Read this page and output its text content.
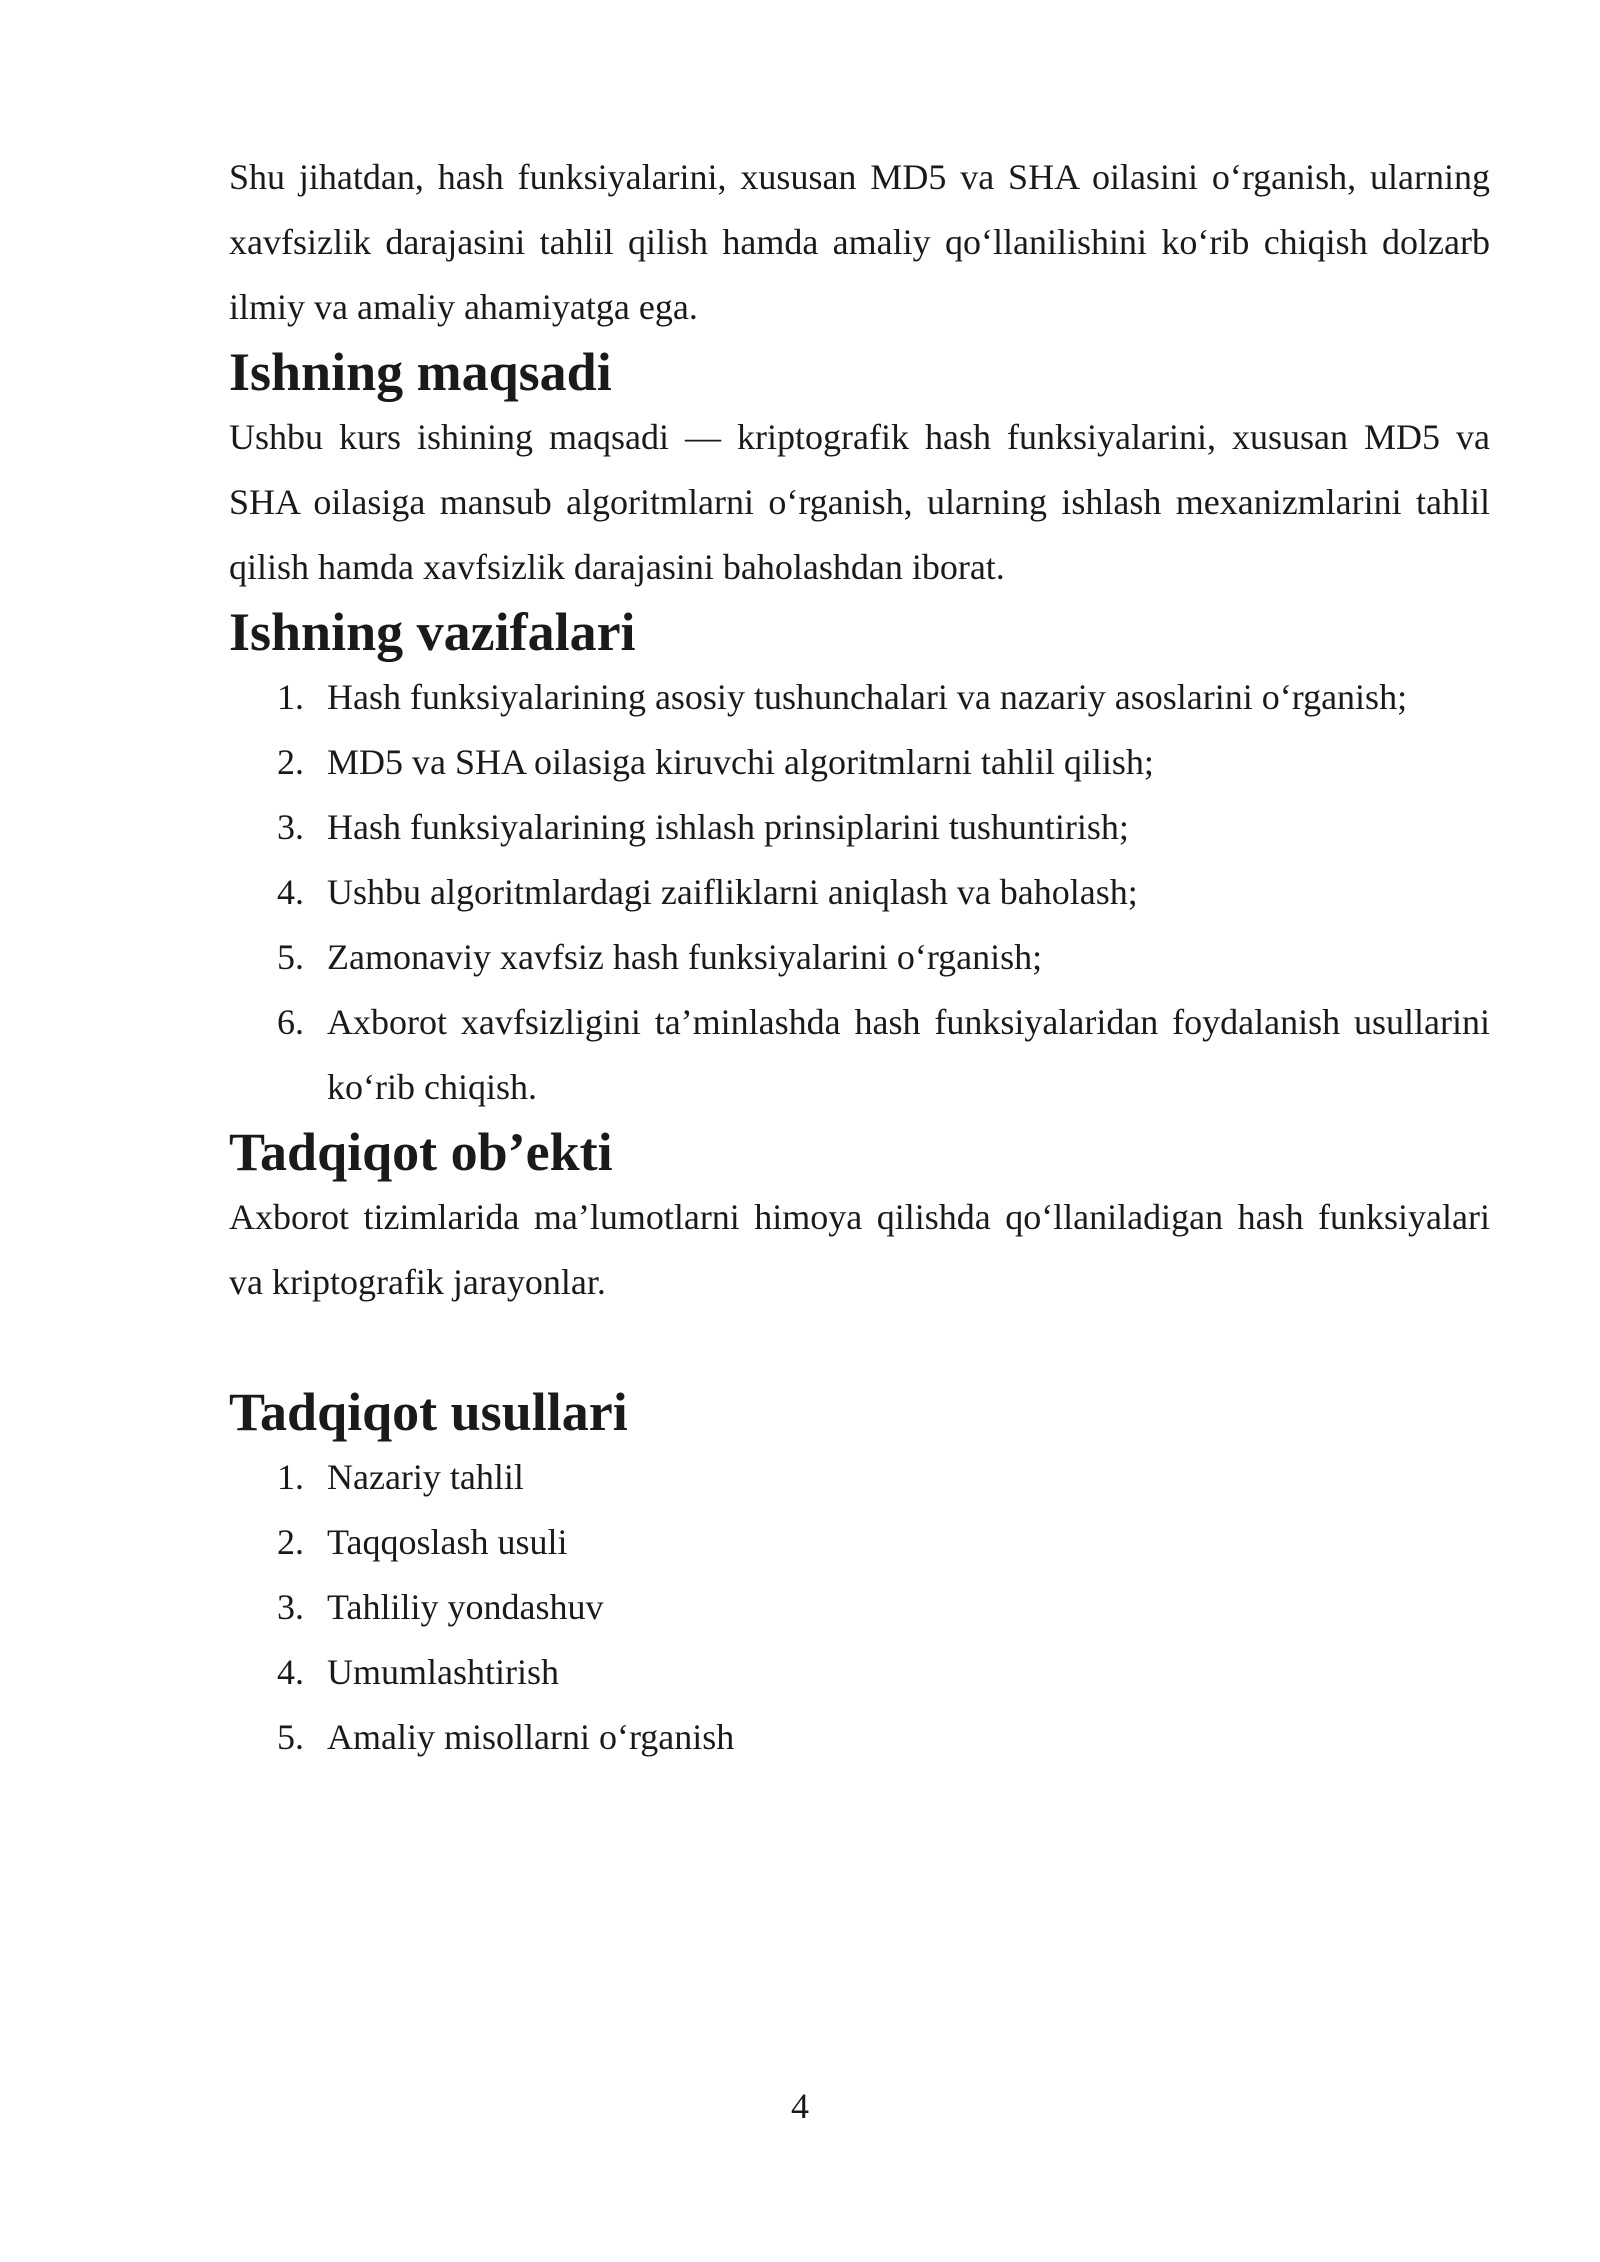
Shu jihatdan, hash funksiyalarini, xususan MD5 va SHA oilasini o‘rganish, ularning xavfsizlik darajasini tahlil qilish hamda amaliy qo‘llanilishini ko‘rib chiqish dolzarb ilmiy va amaliy ahamiyatga ega.

Ishning maqsadi

Ushbu kurs ishining maqsadi — kriptografik hash funksiyalarini, xususan MD5 va SHA oilasiga mansub algoritmlarni o‘rganish, ularning ishlash mexanizmlarini tahlil qilish hamda xavfsizlik darajasini baholashdan iborat.

Ishning vazifalari
1. Hash funksiyalarining asosiy tushunchalari va nazariy asoslarini o‘rganish;
2. MD5 va SHA oilasiga kiruvchi algoritmlarni tahlil qilish;
3. Hash funksiyalarining ishlash prinsiplarini tushuntirish;
4. Ushbu algoritmlardagi zaifliklarni aniqlash va baholash;
5. Zamonaviy xavfsiz hash funksiyalarini o‘rganish;
6. Axborot xavfsizligini ta’minlashda hash funksiyalaridan foydalanish usullarini ko‘rib chiqish.
Tadqiqot ob’ekti

Axborot tizimlarida ma’lumotlarni himoya qilishda qo‘llaniladigan hash funksiyalari va kriptografik jarayonlar.

Tadqiqot usullari
1. Nazariy tahlil
2. Taqqoslash usuli
3. Tahliliy yondashuv
4. Umumlashtirish
5. Amaliy misollarni o‘rganish
4
